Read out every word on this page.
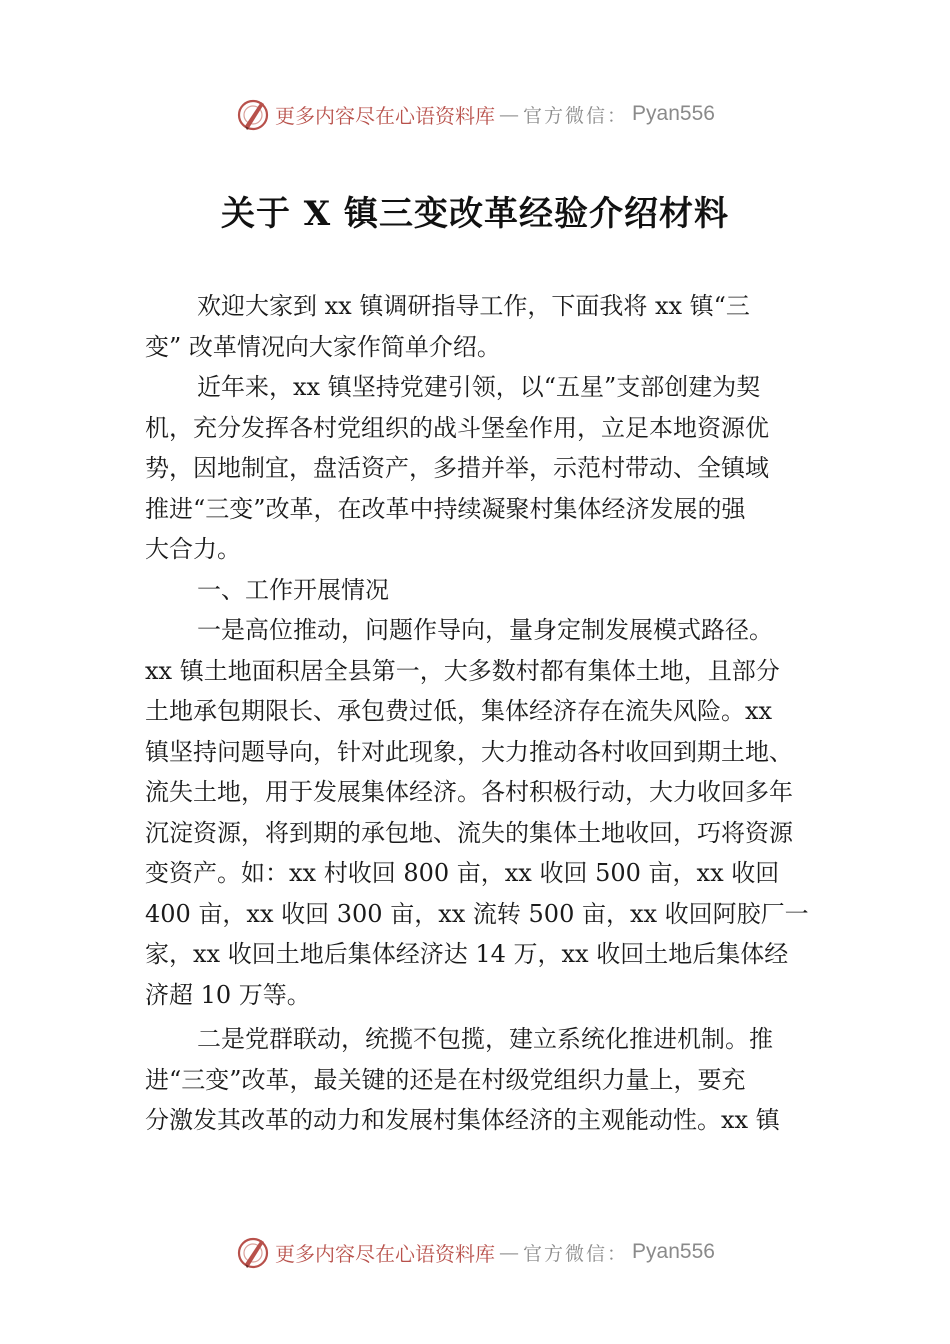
更多内容尽在心语资料库 — 官方微信： Pyan556
关于 X 镇三变改革经验介绍材料
欢迎大家到 xx 镇调研指导工作，下面我将 xx 镇“三
变” 改革情况向大家作简单介绍。
近年来，xx 镇坚持党建引领，以“五星”支部创建为契
机，充分发挥各村党组织的战斗堡垒作用，立足本地资源优
势，因地制宜，盘活资产，多措并举，示范村带动、全镇域
推进“三变”改革，在改革中持续凝聚村集体经济发展的强
大合力。
一、工作开展情况
一是高位推动，问题作导向，量身定制发展模式路径。
xx 镇土地面积居全县第一，大多数村都有集体土地，且部分
土地承包期限长、承包费过低，集体经济存在流失风险。xx
镇坚持问题导向，针对此现象，大力推动各村收回到期土地、
流失土地，用于发展集体经济。各村积极行动，大力收回多年
沉淀资源，将到期的承包地、流失的集体土地收回，巧将资源
变资产。如：xx 村收回 800 亩，xx 收回 500 亩，xx 收回
400 亩，xx 收回 300 亩，xx 流转 500 亩，xx 收回阿胶厂一
家，xx 收回土地后集体经济达 14 万，xx 收回土地后集体经
济超 10 万等。
二是党群联动，统揽不包揽，建立系统化推进机制。推
进“三变”改革，最关键的还是在村级党组织力量上，要充
分激发其改革的动力和发展村集体经济的主观能动性。xx 镇
更多内容尽在心语资料库 — 官方微信： Pyan556
